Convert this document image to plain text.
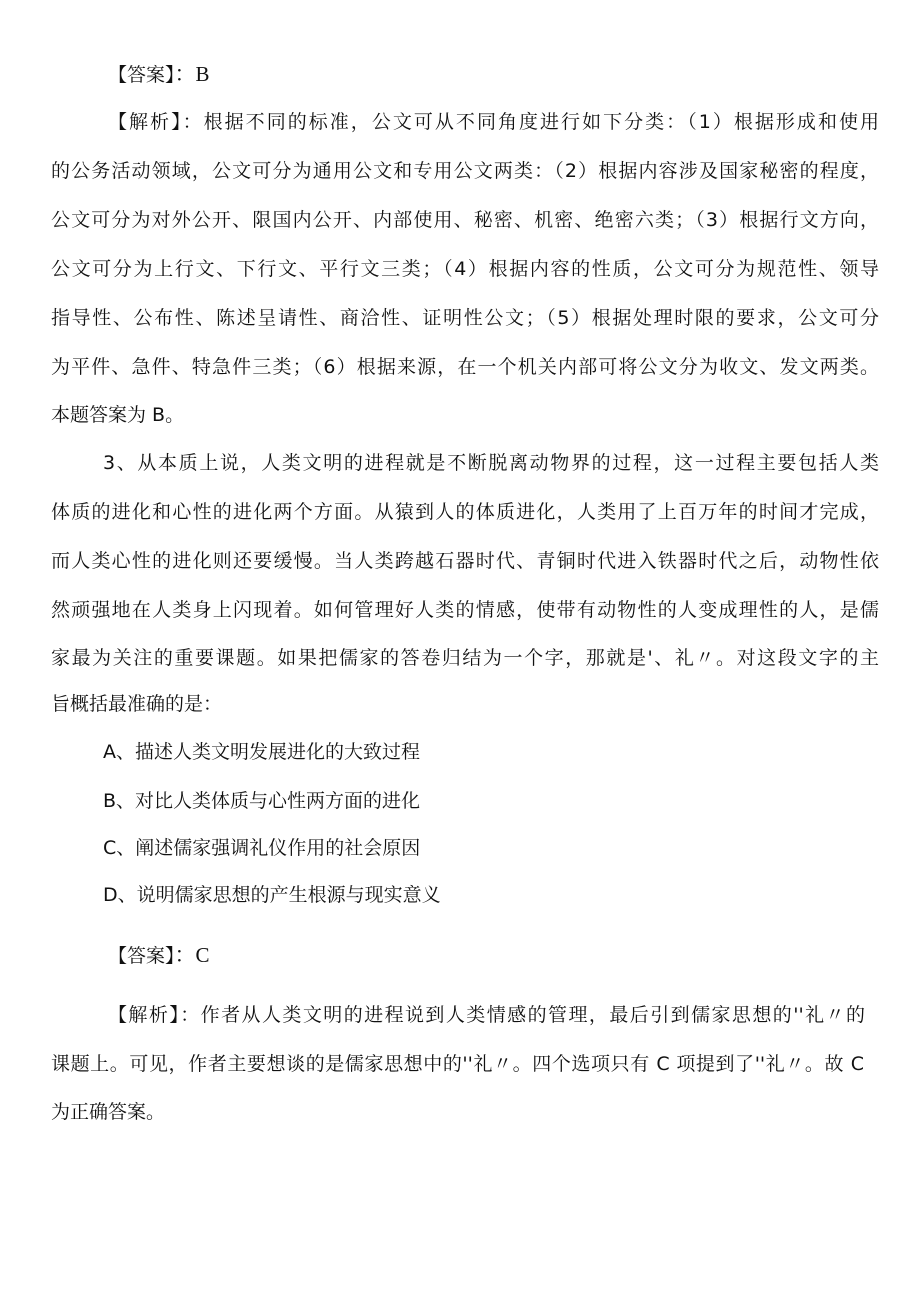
【答案】：B
【解析】：根据不同的标准，公文可从不同角度进行如下分类：（1）根据形成和使用
的公务活动领域，公文可分为通用公文和专用公文两类：（2）根据内容涉及国家秘密的程度，
公文可分为对外公开、限国内公开、内部使用、秘密、机密、绝密六类；（3）根据行文方向，
公文可分为上行文、下行文、平行文三类；（4）根据内容的性质，公文可分为规范性、领导
指导性、公布性、陈述呈请性、商洽性、证明性公文；（5）根据处理时限的要求，公文可分
为平件、急件、特急件三类；（6）根据来源，在一个机关内部可将公文分为收文、发文两类。
本题答案为 B。
3、从本质上说，人类文明的进程就是不断脱离动物界的过程，这一过程主要包括人类
体质的进化和心性的进化两个方面。从猿到人的体质进化，人类用了上百万年的时间才完成，
而人类心性的进化则还要缓慢。当人类跨越石器时代、青铜时代进入铁器时代之后，动物性依
然顽强地在人类身上闪现着。如何管理好人类的情感，使带有动物性的人变成理性的人，是儒
家最为关注的重要课题。如果把儒家的答卷归结为一个字，那就是'、礼〃。对这段文字的主
旨概括最准确的是：
A、描述人类文明发展进化的大致过程
B、对比人类体质与心性两方面的进化
C、阐述儒家强调礼仪作用的社会原因
D、说明儒家思想的产生根源与现实意义
【答案】：C
【解析】：作者从人类文明的进程说到人类情感的管理，最后引到儒家思想的''礼〃的
课题上。可见，作者主要想谈的是儒家思想中的''礼〃。四个选项只有 C 项提到了''礼〃。故 C
为正确答案。
